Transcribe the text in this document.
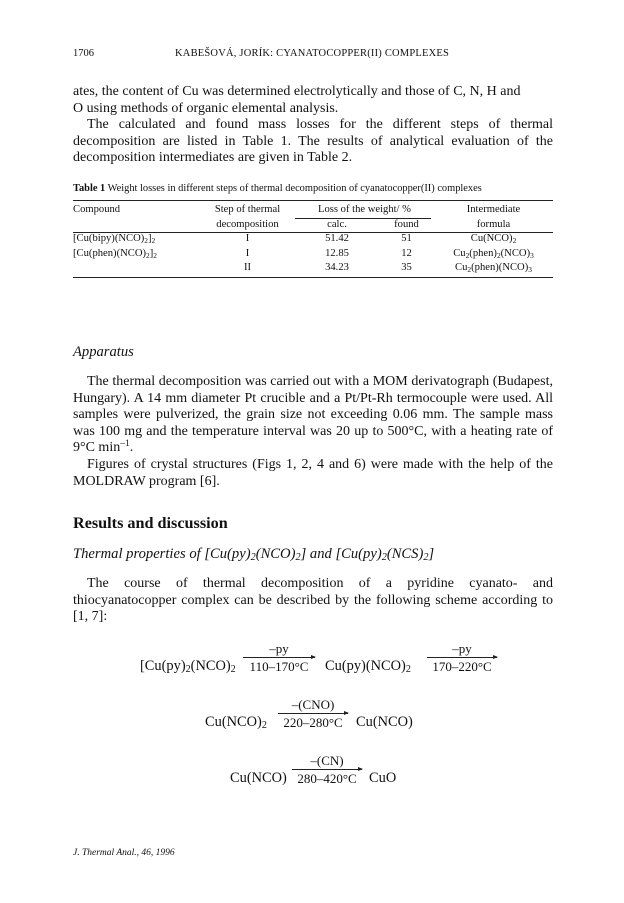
1706	KABEŠOVÁ, JORÍK: CYANATOCOPPER(II) COMPLEXES

ates, the content of Cu was determined electrolytically and those of C, N, H and

O using methods of organic elemental analysis.

The calculated and found mass losses for the different steps of thermal decomposition are listed in Table 1. The results of analytical evaluation of the decomposition intermediates are given in Table 2.

Table 1 Weight losses in different steps of thermal decomposition of cyanatocopper(II) complexes
Compound	Step of thermal	Loss of the weight/ %		Intermediate
	decomposition	calc.	found	formula
$[Cu(bipy)(NCO)_2]_2$	I	51.42	51	$Cu(NCO)_2$
$[Cu(phen)(NCO)_2]_2$	I	12.85	12	$Cu_2(phen)_2(NCO)_3$
	II	34.23	35	$Cu_2(phen)(NCO)_3$
Apparatus

The thermal decomposition was carried out with a MOM derivatograph (Budapest, Hungary). A 14 mm diameter Pt crucible and a Pt/Pt-Rh termocouple were used. All samples were pulverized, the grain size not exceeding 0.06 mm. The sample mass was 100 mg and the temperature interval was 20 up to 500°C, with a heating rate of 9°C $\min^{-1}$.

Figures of crystal structures (Figs 1, 2, 4 and 6) were made with the help of the MOLDRAW program [6].

Results and discussion
Thermal properties of $[Cu(py)_2(NCO)_2]$ and $[Cu(py)_2(NCS)_2]$

The course of thermal decomposition of a pyridine cyanato- and thiocyanatocopper complex can be described by the following scheme according to [1, 7]:

[$Cu(py)_2(NCO)_2$
–py
110–170°C	$Cu(py)(NCO)_2$
–py
170–220°C
$Cu(NCO)_2$
–(CNO)
220–280°C Cu(NCO)
Cu(NCO)
–(CN)
280–420°C CuO
J. Thermal Anal., 46, 1996
